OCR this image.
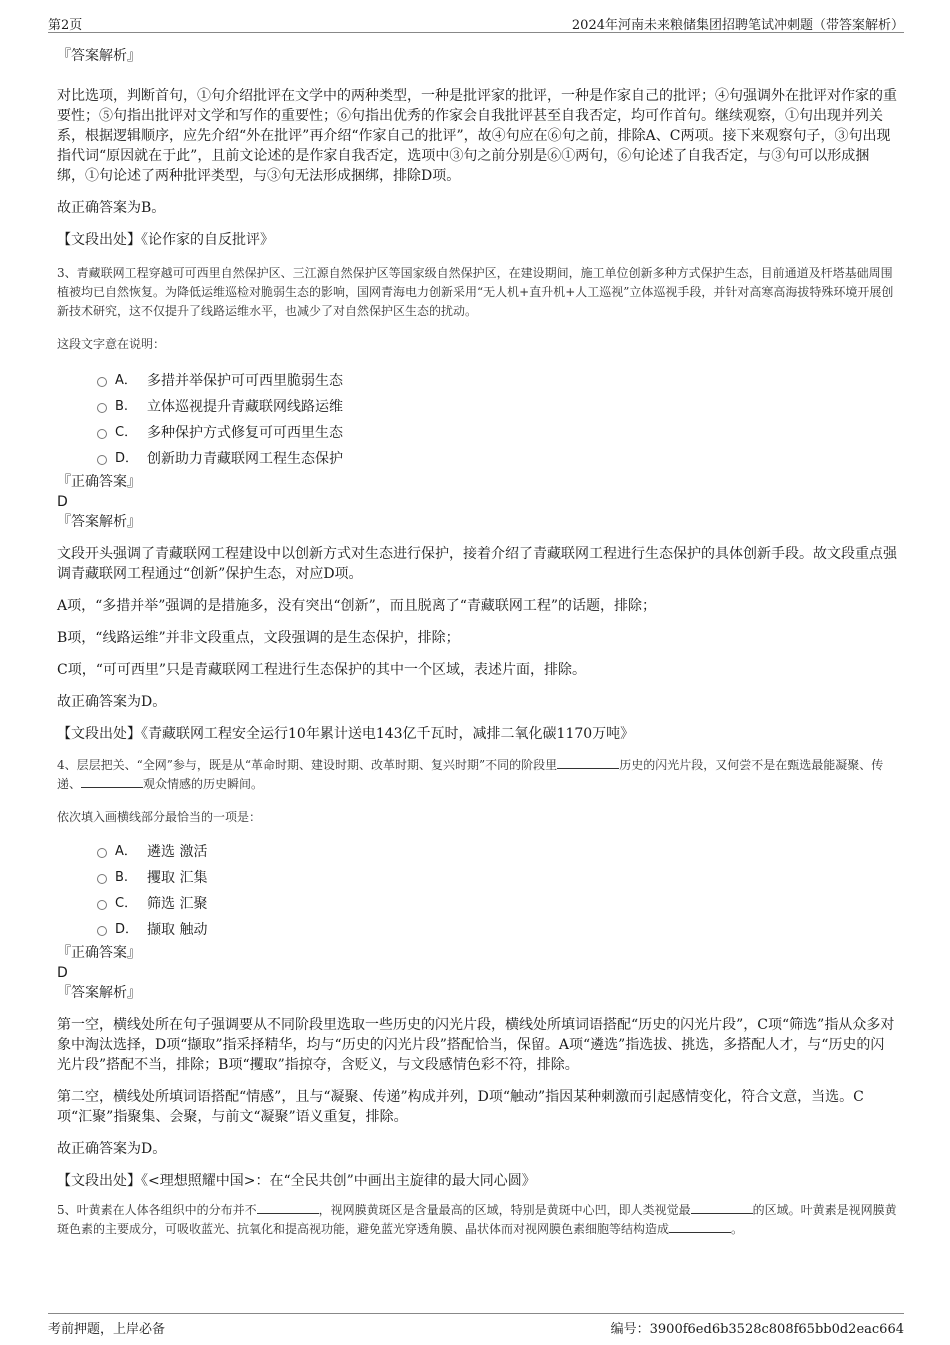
第2页	2024年河南未来粮储集团招聘笔试冲刺题（带答案解析）

『答案解析』

对比选项，判断首句，①句介绍批评在文学中的两种类型，一种是批评家的批评，一种是作家自己的批评；④句强调外在批评对作家的重要性；⑤句指出批评对文学和写作的重要性；⑥句指出优秀的作家会自我批评甚至自我否定，均可作首句。继续观察，①句出现并列关系，根据逻辑顺序，应先介绍“外在批评”再介绍“作家自己的批评”，故④句应在⑥句之前，排除A、C两项。接下来观察句子，③句出现指代词“原因就在于此”，且前文论述的是作家自我否定，选项中③句之前分别是⑥①两句，⑥句论述了自我否定，与③句可以形成捆绑，①句论述了两种批评类型，与③句无法形成捆绑，排除D项。

故正确答案为B。

【文段出处】《论作家的自反批评》

3、青藏联网工程穿越可可西里自然保护区、三江源自然保护区等国家级自然保护区，在建设期间，施工单位创新多种方式保护生态，目前通道及杆塔基础周围植被均已自然恢复。为降低运维巡检对脆弱生态的影响，国网青海电力创新采用“无人机+直升机+人工巡视”立体巡视手段，并针对高寒高海拔特殊环境开展创新技术研究，这不仅提升了线路运维水平，也减少了对自然保护区生态的扰动。

这段文字意在说明：

A． 多措并举保护可可西里脆弱生态
B. 立体巡视提升青藏联网线路运维
C． 多种保护方式修复可可西里生态
D． 创新助力青藏联网工程生态保护

『正确答案』

D

『答案解析』

文段开头强调了青藏联网工程建设中以创新方式对生态进行保护，接着介绍了青藏联网工程进行生态保护的具体创新手段。故文段重点强调青藏联网工程通过“创新”保护生态，对应D项。

A项，“多措并举”强调的是措施多，没有突出“创新”，而且脱离了“青藏联网工程”的话题，排除；

B项，“线路运维”并非文段重点，文段强调的是生态保护，排除；

C项，“可可西里”只是青藏联网工程进行生态保护的其中一个区域，表述片面，排除。

故正确答案为D。

【文段出处】《青藏联网工程安全运行10年累计送电143亿千瓦时，减排二氧化碳1170万吨》

4、层层把关、“全网”参与，既是从“革命时期、建设时期、改革时期、复兴时期”不同的阶段里	历史的闪光片段，又何尝不是在甄选最能凝聚、传递、	观众情感的历史瞬间。

依次填入画横线部分最恰当的一项是：

A． 遴选 激活
B. 攫取 汇集
C． 筛选 汇聚
D． 撷取 触动

『正确答案』

D

『答案解析』

第一空，横线处所在句子强调要从不同阶段里选取一些历史的闪光片段，横线处所填词语搭配“历史的闪光片段”，C项“筛选”指从众多对象中淘汰选择，D项“撷取”指采择精华，均与“历史的闪光片段”搭配恰当，保留。A项“遴选”指选拔、挑选，多搭配人才，与“历史的闪光片段”搭配不当，排除；B项“攫取”指掠夺，含贬义，与文段感情色彩不符，排除。

第二空，横线处所填词语搭配“情感”，且与“凝聚、传递”构成并列，D项“触动”指因某种刺激而引起感情变化，符合文意，当选。C项“汇聚”指聚集、会聚，与前文“凝聚”语义重复，排除。

故正确答案为D。

【文段出处】《<理想照耀中国>：在“全民共创”中画出主旋律的最大同心圆》

5、叶黄素在人体各组织中的分布并不	，视网膜黄斑区是含量最高的区域，特别是黄斑中心凹，即人类视觉最	的区域。叶黄素是视网膜黄斑色素的主要成分，可吸收蓝光、抗氧化和提高视功能，避免蓝光穿透角膜、晶状体而对视网膜色素细胞等结构造成	。

考前押题，上岸必备	编号：3900f6ed6b3528c808f65bb0d2eac664
